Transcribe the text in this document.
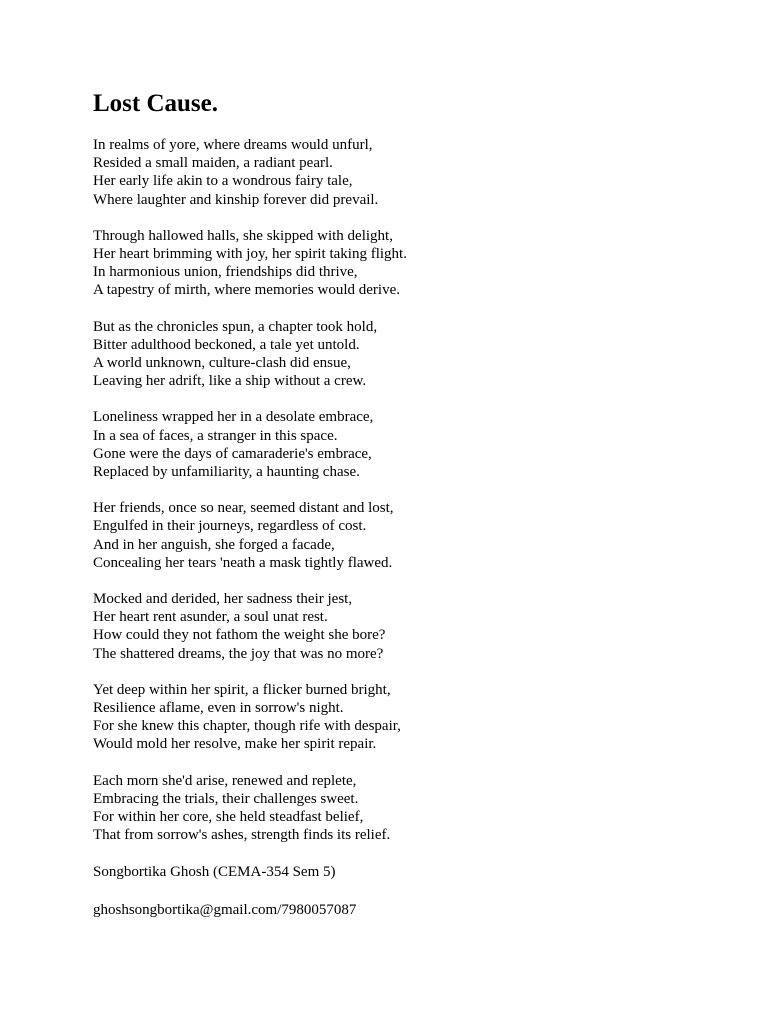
Lost Cause.
In realms of yore, where dreams would unfurl,
Resided a small maiden, a radiant pearl.
Her early life akin to a wondrous fairy tale,
Where laughter and kinship forever did prevail.
Through hallowed halls, she skipped with delight,
Her heart brimming with joy, her spirit taking flight.
In harmonious union, friendships did thrive,
A tapestry of mirth, where memories would derive.
But as the chronicles spun, a chapter took hold,
Bitter adulthood beckoned, a tale yet untold.
A world unknown, culture-clash did ensue,
Leaving her adrift, like a ship without a crew.
Loneliness wrapped her in a desolate embrace,
In a sea of faces, a stranger in this space.
Gone were the days of camaraderie's embrace,
Replaced by unfamiliarity, a haunting chase.
Her friends, once so near, seemed distant and lost,
Engulfed in their journeys, regardless of cost.
And in her anguish, she forged a facade,
Concealing her tears 'neath a mask tightly flawed.
Mocked and derided, her sadness their jest,
Her heart rent asunder, a soul unat rest.
How could they not fathom the weight she bore?
The shattered dreams, the joy that was no more?
Yet deep within her spirit, a flicker burned bright,
Resilience aflame, even in sorrow's night.
For she knew this chapter, though rife with despair,
Would mold her resolve, make her spirit repair.
Each morn she'd arise, renewed and replete,
Embracing the trials, their challenges sweet.
For within her core, she held steadfast belief,
That from sorrow's ashes, strength finds its relief.
Songbortika Ghosh (CEMA-354 Sem 5)
ghoshsongbortika@gmail.com/7980057087
